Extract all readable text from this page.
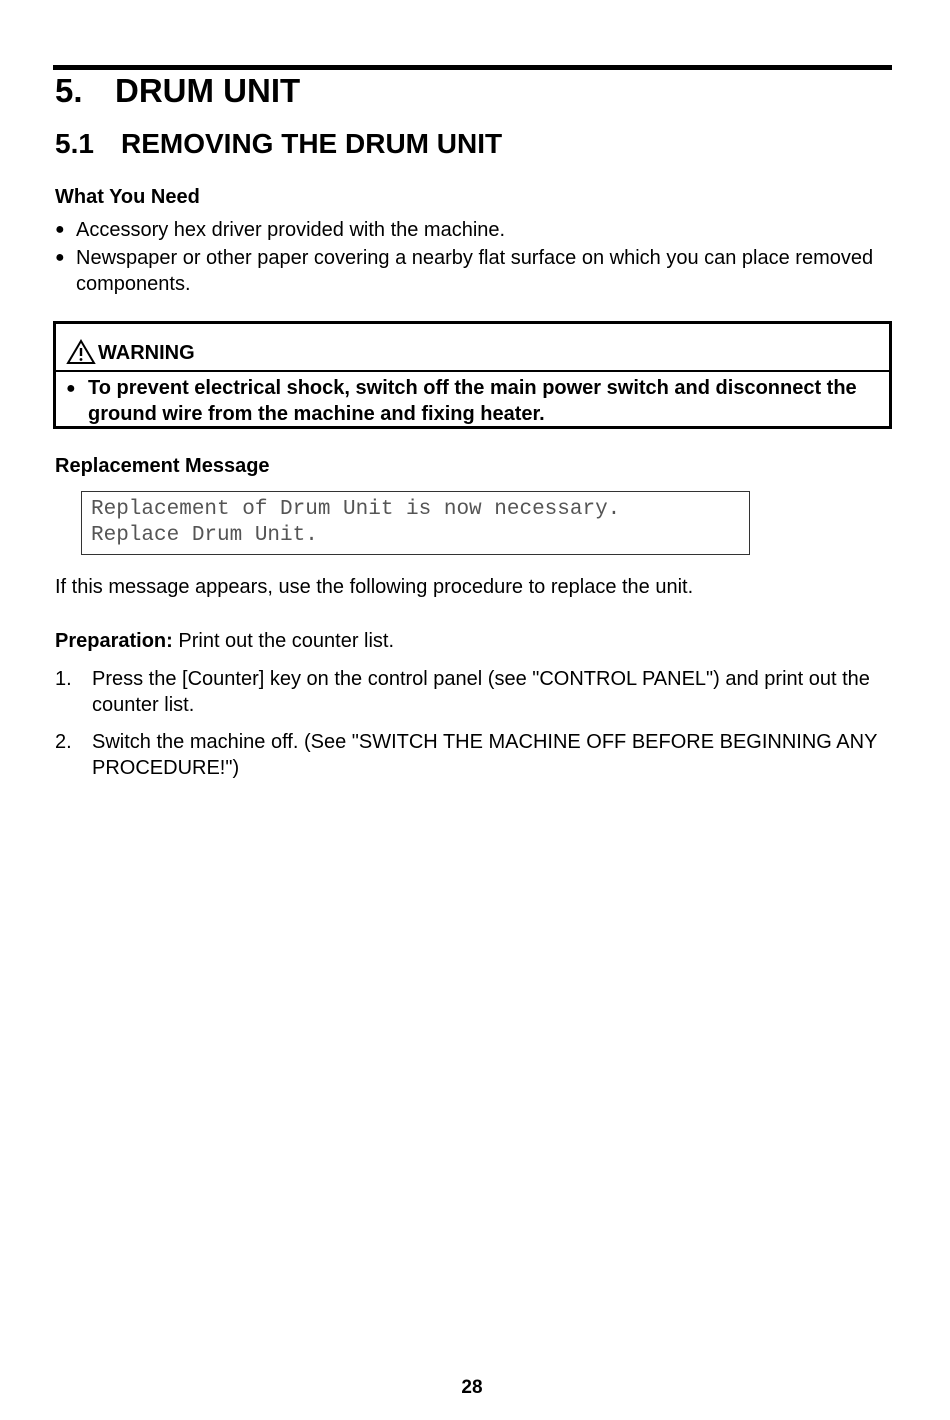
5. DRUM UNIT
5.1 REMOVING THE DRUM UNIT
What You Need
● Accessory hex driver provided with the machine.
● Newspaper or other paper covering a nearby flat surface on which you can place removed components.
WARNING
● To prevent electrical shock, switch off the main power switch and disconnect the ground wire from the machine and fixing heater.
Replacement Message
Replacement of Drum Unit is now necessary.
Replace Drum Unit.

If this message appears, use the following procedure to replace the unit.

Preparation: Print out the counter list.

1. Press the [Counter] key on the control panel (see "CONTROL PANEL") and print out the counter list.
2. Switch the machine off. (See "SWITCH THE MACHINE OFF BEFORE BEGINNING ANY PROCEDURE!")
28
